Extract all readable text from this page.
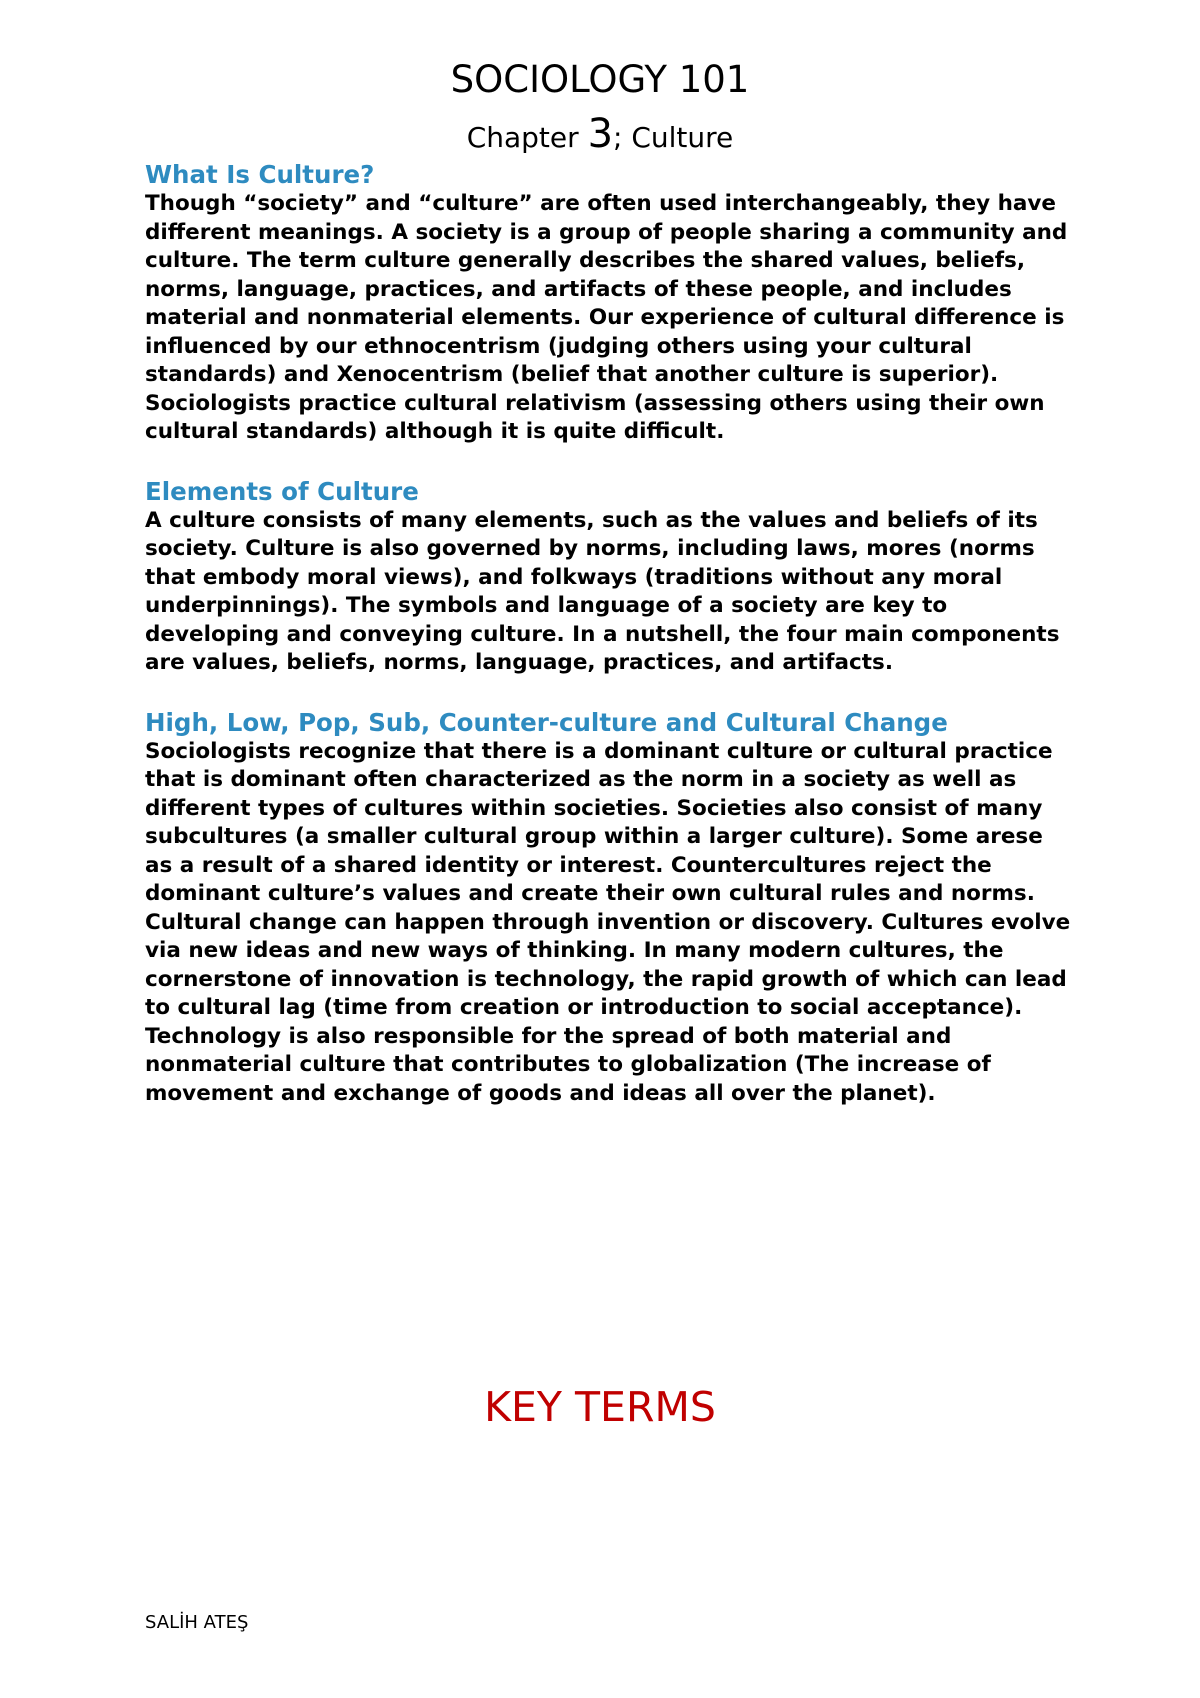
SOCIOLOGY 101

Chapter 3; Culture

What Is Culture?

Though “society” and “culture” are often used interchangeably, they have different meanings. A society is a group of people sharing a community and culture. The term culture generally describes the shared values, beliefs, norms, language, practices, and artifacts of these people, and includes material and nonmaterial elements. Our experience of cultural difference is influenced by our ethnocentrism (judging others using your cultural standards) and Xenocentrism (belief that another culture is superior). Sociologists practice cultural relativism (assessing others using their own cultural standards) although it is quite difficult.

Elements of Culture

A culture consists of many elements, such as the values and beliefs of its society. Culture is also governed by norms, including laws, mores (norms that embody moral views), and folkways (traditions without any moral underpinnings). The symbols and language of a society are key to developing and conveying culture. In a nutshell, the four main components are values, beliefs, norms, language, practices, and artifacts.

High, Low, Pop, Sub, Counter-culture and Cultural Change

Sociologists recognize that there is a dominant culture or cultural practice that is dominant often characterized as the norm in a society as well as different types of cultures within societies. Societies also consist of many subcultures (a smaller cultural group within a larger culture). Some arese as a result of a shared identity or interest. Countercultures reject the dominant culture’s values and create their own cultural rules and norms. Cultural change can happen through invention or discovery. Cultures evolve via new ideas and new ways of thinking. In many modern cultures, the cornerstone of innovation is technology, the rapid growth of which can lead to cultural lag (time from creation or introduction to social acceptance). Technology is also responsible for the spread of both material and nonmaterial culture that contributes to globalization (The increase of movement and exchange of goods and ideas all over the planet).

KEY TERMS

SALİH ATEŞ
